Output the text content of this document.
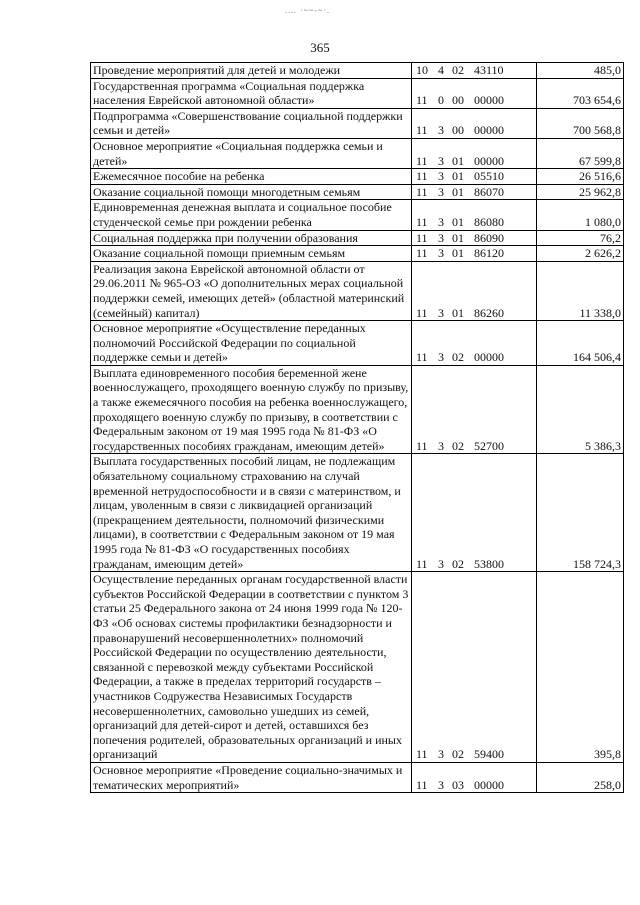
.... ·~~-~·.
365
Проведение мероприятий для детей и молодежи	10 4 02 43110	485,0
Государственная программа «Социальная поддержка населения Еврейской автономной области»	11 0 00 00000	703 654,6
Подпрограмма «Совершенствование социальной поддержки семьи и детей»	11 3 00 00000	700 568,8
Основное мероприятие «Социальная поддержка семьи и детей»	11 3 01 00000	67 599,8
Ежемесячное пособие на ребенка	11 3 01 05510	26 516,6
Оказание социальной помощи многодетным семьям	11 3 01 86070	25 962,8
Единовременная денежная выплата и социальное пособие студенческой семье при рождении ребенка	11 3 01 86080	1 080,0
Социальная поддержка при получении образования	11 3 01 86090	76,2
Оказание социальной помощи приемным семьям	11 3 01 86120	2 626,2
Реализация закона Еврейской автономной области от 29.06.2011 № 965-ОЗ «О дополнительных мерах социальной поддержки семей, имеющих детей» (областной материнский (семейный) капитал)	11 3 01 86260	11 338,0
Основное мероприятие «Осуществление переданных полномочий Российской Федерации по социальной поддержке семьи и детей»	11 3 02 00000	164 506,4
Выплата единовременного пособия беременной жене военнослужащего, проходящего военную службу по призыву, а также ежемесячного пособия на ребенка военнослужащего, проходящего военную службу по призыву, в соответствии с Федеральным законом от 19 мая 1995 года № 81-ФЗ «О государственных пособиях гражданам, имеющим детей»	11 3 02 52700	5 386,3
Выплата государственных пособий лицам, не подлежащим обязательному социальному страхованию на случай временной нетрудоспособности и в связи с материнством, и лицам, уволенным в связи с ликвидацией организаций (прекращением деятельности, полномочий физическими лицами), в соответствии с Федеральным законом от 19 мая 1995 года № 81-ФЗ «О государственных пособиях гражданам, имеющим детей»	11 3 02 53800	158 724,3
Осуществление переданных органам государственной власти субъектов Российской Федерации в соответствии с пунктом 3 статьи 25 Федерального закона от 24 июня 1999 года № 120-ФЗ «Об основах системы профилактики безнадзорности и правонарушений несовершеннолетних» полномочий Российской Федерации по осуществлению деятельности, связанной с перевозкой между субъектами Российской Федерации, а также в пределах территорий государств – участников Содружества Независимых Государств несовершеннолетних, самовольно ушедших из семей, организаций для детей-сирот и детей, оставшихся без попечения родителей, образовательных организаций и иных организаций	11 3 02 59400	395,8
Основное мероприятие «Проведение социально-значимых и тематических мероприятий»	11 3 03 00000	258,0
